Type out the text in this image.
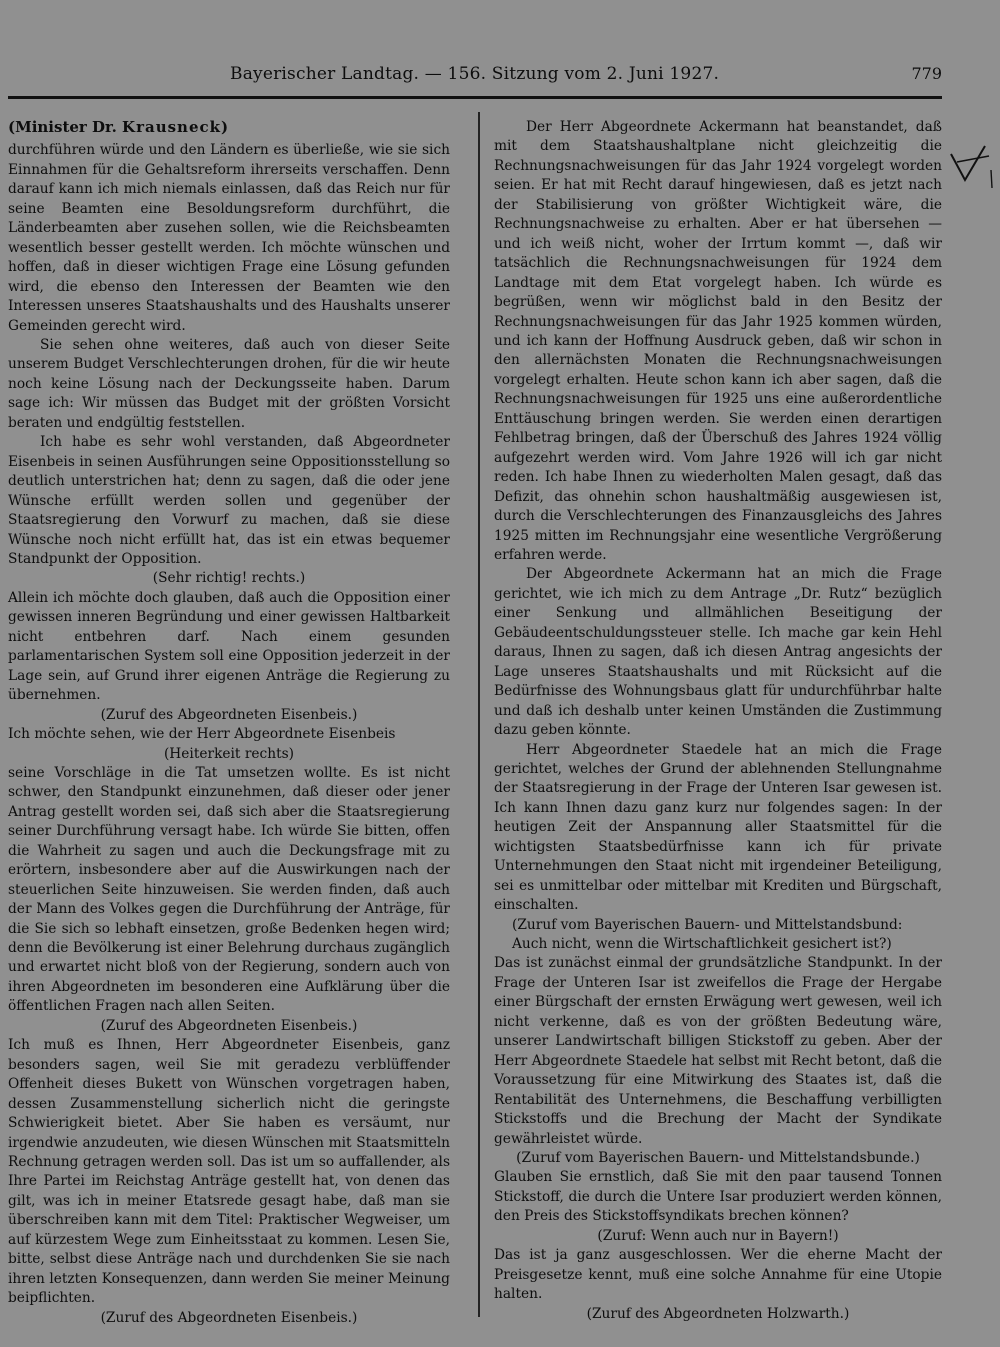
Bayerischer Landtag. — 156. Sitzung vom 2. Juni 1927.	779

(Minister Dr. Krausneck)

durchführen würde und den Ländern es überließe, wie sie sich Einnahmen für die Gehaltsreform ihrerseits verschaffen. Denn darauf kann ich mich niemals einlassen, daß das Reich nur für seine Beamten eine Besoldungsreform durchführt, die Länderbeamten aber zusehen sollen, wie die Reichsbeamten wesentlich besser gestellt werden. Ich möchte wünschen und hoffen, daß in dieser wichtigen Frage eine Lösung gefunden wird, die ebenso den Interessen der Beamten wie den Interessen unseres Staatshaushalts und des Haushalts unserer Gemeinden gerecht wird.

Sie sehen ohne weiteres, daß auch von dieser Seite unserem Budget Verschlechterungen drohen, für die wir heute noch keine Lösung nach der Deckungsseite haben. Darum sage ich: Wir müssen das Budget mit der größten Vorsicht beraten und endgültig feststellen.

Ich habe es sehr wohl verstanden, daß Abgeordneter Eisenbeis in seinen Ausführungen seine Oppositionsstellung so deutlich unterstrichen hat; denn zu sagen, daß die oder jene Wünsche erfüllt werden sollen und gegenüber der Staatsregierung den Vorwurf zu machen, daß sie diese Wünsche noch nicht erfüllt hat, das ist ein etwas bequemer Standpunkt der Opposition.

(Sehr richtig! rechts.)

Allein ich möchte doch glauben, daß auch die Opposition einer gewissen inneren Begründung und einer gewissen Haltbarkeit nicht entbehren darf. Nach einem gesunden parlamentarischen System soll eine Opposition jederzeit in der Lage sein, auf Grund ihrer eigenen Anträge die Regierung zu übernehmen.

(Zuruf des Abgeordneten Eisenbeis.)

Ich möchte sehen, wie der Herr Abgeordnete Eisenbeis

(Heiterkeit rechts)

seine Vorschläge in die Tat umsetzen wollte. Es ist nicht schwer, den Standpunkt einzunehmen, daß dieser oder jener Antrag gestellt worden sei, daß sich aber die Staatsregierung seiner Durchführung versagt habe. Ich würde Sie bitten, offen die Wahrheit zu sagen und auch die Deckungsfrage mit zu erörtern, insbesondere aber auf die Auswirkungen nach der steuerlichen Seite hinzuweisen. Sie werden finden, daß auch der Mann des Volkes gegen die Durchführung der Anträge, für die Sie sich so lebhaft einsetzen, große Bedenken hegen wird; denn die Bevölkerung ist einer Belehrung durchaus zugänglich und erwartet nicht bloß von der Regierung, sondern auch von ihren Abgeordneten im besonderen eine Aufklärung über die öffentlichen Fragen nach allen Seiten.

(Zuruf des Abgeordneten Eisenbeis.)

Ich muß es Ihnen, Herr Abgeordneter Eisenbeis, ganz besonders sagen, weil Sie mit geradezu verblüffender Offenheit dieses Bukett von Wünschen vorgetragen haben, dessen Zusammenstellung sicherlich nicht die geringste Schwierigkeit bietet. Aber Sie haben es versäumt, nur irgendwie anzudeuten, wie diesen Wünschen mit Staatsmitteln Rechnung getragen werden soll. Das ist um so auffallender, als Ihre Partei im Reichstag Anträge gestellt hat, von denen das gilt, was ich in meiner Etatsrede gesagt habe, daß man sie überschreiben kann mit dem Titel: Praktischer Wegweiser, um auf kürzestem Wege zum Einheitsstaat zu kommen. Lesen Sie, bitte, selbst diese Anträge nach und durchdenken Sie sie nach ihren letzten Konsequenzen, dann werden Sie meiner Meinung beipflichten.

(Zuruf des Abgeordneten Eisenbeis.)

Der Herr Abgeordnete Ackermann hat beanstandet, daß mit dem Staatshaushaltplane nicht gleichzeitig die Rechnungsnachweisungen für das Jahr 1924 vorgelegt worden seien. Er hat mit Recht darauf hingewiesen, daß es jetzt nach der Stabilisierung von größter Wichtigkeit wäre, die Rechnungsnachweise zu erhalten. Aber er hat übersehen — und ich weiß nicht, woher der Irrtum kommt —, daß wir tatsächlich die Rechnungsnachweisungen für 1924 dem Landtage mit dem Etat vorgelegt haben. Ich würde es begrüßen, wenn wir möglichst bald in den Besitz der Rechnungsnachweisungen für das Jahr 1925 kommen würden, und ich kann der Hoffnung Ausdruck geben, daß wir schon in den allernächsten Monaten die Rechnungsnachweisungen vorgelegt erhalten. Heute schon kann ich aber sagen, daß die Rechnungsnachweisungen für 1925 uns eine außerordentliche Enttäuschung bringen werden. Sie werden einen derartigen Fehlbetrag bringen, daß der Überschuß des Jahres 1924 völlig aufgezehrt werden wird. Vom Jahre 1926 will ich gar nicht reden. Ich habe Ihnen zu wiederholten Malen gesagt, daß das Defizit, das ohnehin schon haushaltmäßig ausgewiesen ist, durch die Verschlechterungen des Finanzausgleichs des Jahres 1925 mitten im Rechnungsjahr eine wesentliche Vergrößerung erfahren werde.

Der Abgeordnete Ackermann hat an mich die Frage gerichtet, wie ich mich zu dem Antrage „Dr. Rutz“ bezüglich einer Senkung und allmählichen Beseitigung der Gebäudeentschuldungssteuer stelle. Ich mache gar kein Hehl daraus, Ihnen zu sagen, daß ich diesen Antrag angesichts der Lage unseres Staatshaushalts und mit Rücksicht auf die Bedürfnisse des Wohnungsbaus glatt für undurchführbar halte und daß ich deshalb unter keinen Umständen die Zustimmung dazu geben könnte.

Herr Abgeordneter Staedele hat an mich die Frage gerichtet, welches der Grund der ablehnenden Stellungnahme der Staatsregierung in der Frage der Unteren Isar gewesen ist. Ich kann Ihnen dazu ganz kurz nur folgendes sagen: In der heutigen Zeit der Anspannung aller Staatsmittel für die wichtigsten Staatsbedürfnisse kann ich für private Unternehmungen den Staat nicht mit irgendeiner Beteiligung, sei es unmittelbar oder mittelbar mit Krediten und Bürgschaft, einschalten.

(Zuruf vom Bayerischen Bauern- und Mittelstandsbund: Auch nicht, wenn die Wirtschaftlichkeit gesichert ist?)

Das ist zunächst einmal der grundsätzliche Standpunkt. In der Frage der Unteren Isar ist zweifellos die Frage der Hergabe einer Bürgschaft der ernsten Erwägung wert gewesen, weil ich nicht verkenne, daß es von der größten Bedeutung wäre, unserer Landwirtschaft billigen Stickstoff zu geben. Aber der Herr Abgeordnete Staedele hat selbst mit Recht betont, daß die Voraussetzung für eine Mitwirkung des Staates ist, daß die Rentabilität des Unternehmens, die Beschaffung verbilligten Stickstoffs und die Brechung der Macht der Syndikate gewährleistet würde.

(Zuruf vom Bayerischen Bauern- und Mittelstandsbunde.)

Glauben Sie ernstlich, daß Sie mit den paar tausend Tonnen Stickstoff, die durch die Untere Isar produziert werden können, den Preis des Stickstoffsyndikats brechen können?

(Zuruf: Wenn auch nur in Bayern!)

Das ist ja ganz ausgeschlossen. Wer die eherne Macht der Preisgesetze kennt, muß eine solche Annahme für eine Utopie halten.

(Zuruf des Abgeordneten Holzwarth.)
